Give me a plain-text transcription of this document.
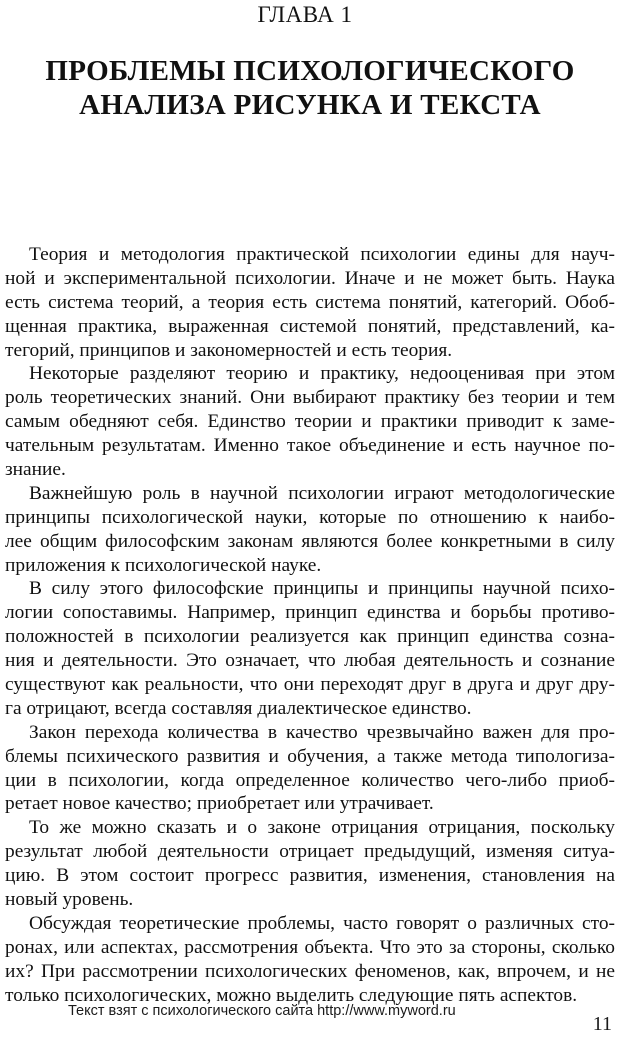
ГЛАВА 1
ПРОБЛЕМЫ ПСИХОЛОГИЧЕСКОГО
АНАЛИЗА РИСУНКА И ТЕКСТА
Теория и методология практической психологии едины для науч-
ной и экспериментальной психологии. Иначе и не может быть. Наука
есть система теорий, а теория есть система понятий, категорий. Обоб-
щенная практика, выраженная системой понятий, представлений, ка-
тегорий, принципов и закономерностей и есть теория.
Некоторые разделяют теорию и практику, недооценивая при этом
роль теоретических знаний. Они выбирают практику без теории и тем
самым обедняют себя. Единство теории и практики приводит к заме-
чательным результатам. Именно такое объединение и есть научное по-
знание.
Важнейшую роль в научной психологии играют методологические
принципы психологической науки, которые по отношению к наибо-
лее общим философским законам являются более конкретными в силу
приложения к психологической науке.
В силу этого философские принципы и принципы научной психо-
логии сопоставимы. Например, принцип единства и борьбы противо-
положностей в психологии реализуется как принцип единства созна-
ния и деятельности. Это означает, что любая деятельность и сознание
существуют как реальности, что они переходят друг в друга и друг дру-
га отрицают, всегда составляя диалектическое единство.
Закон перехода количества в качество чрезвычайно важен для про-
блемы психического развития и обучения, а также метода типологиза-
ции в психологии, когда определенное количество чего-либо приоб-
ретает новое качество; приобретает или утрачивает.
То же можно сказать и о законе отрицания отрицания, поскольку
результат любой деятельности отрицает предыдущий, изменяя ситуа-
цию. В этом состоит прогресс развития, изменения, становления на
новый уровень.
Обсуждая теоретические проблемы, часто говорят о различных сто-
ронах, или аспектах, рассмотрения объекта. Что это за стороны, сколько
их? При рассмотрении психологических феноменов, как, впрочем, и не
только психологических, можно выделить следующие пять аспектов.
Текст взят с психологического сайта http://www.myword.ru
11
